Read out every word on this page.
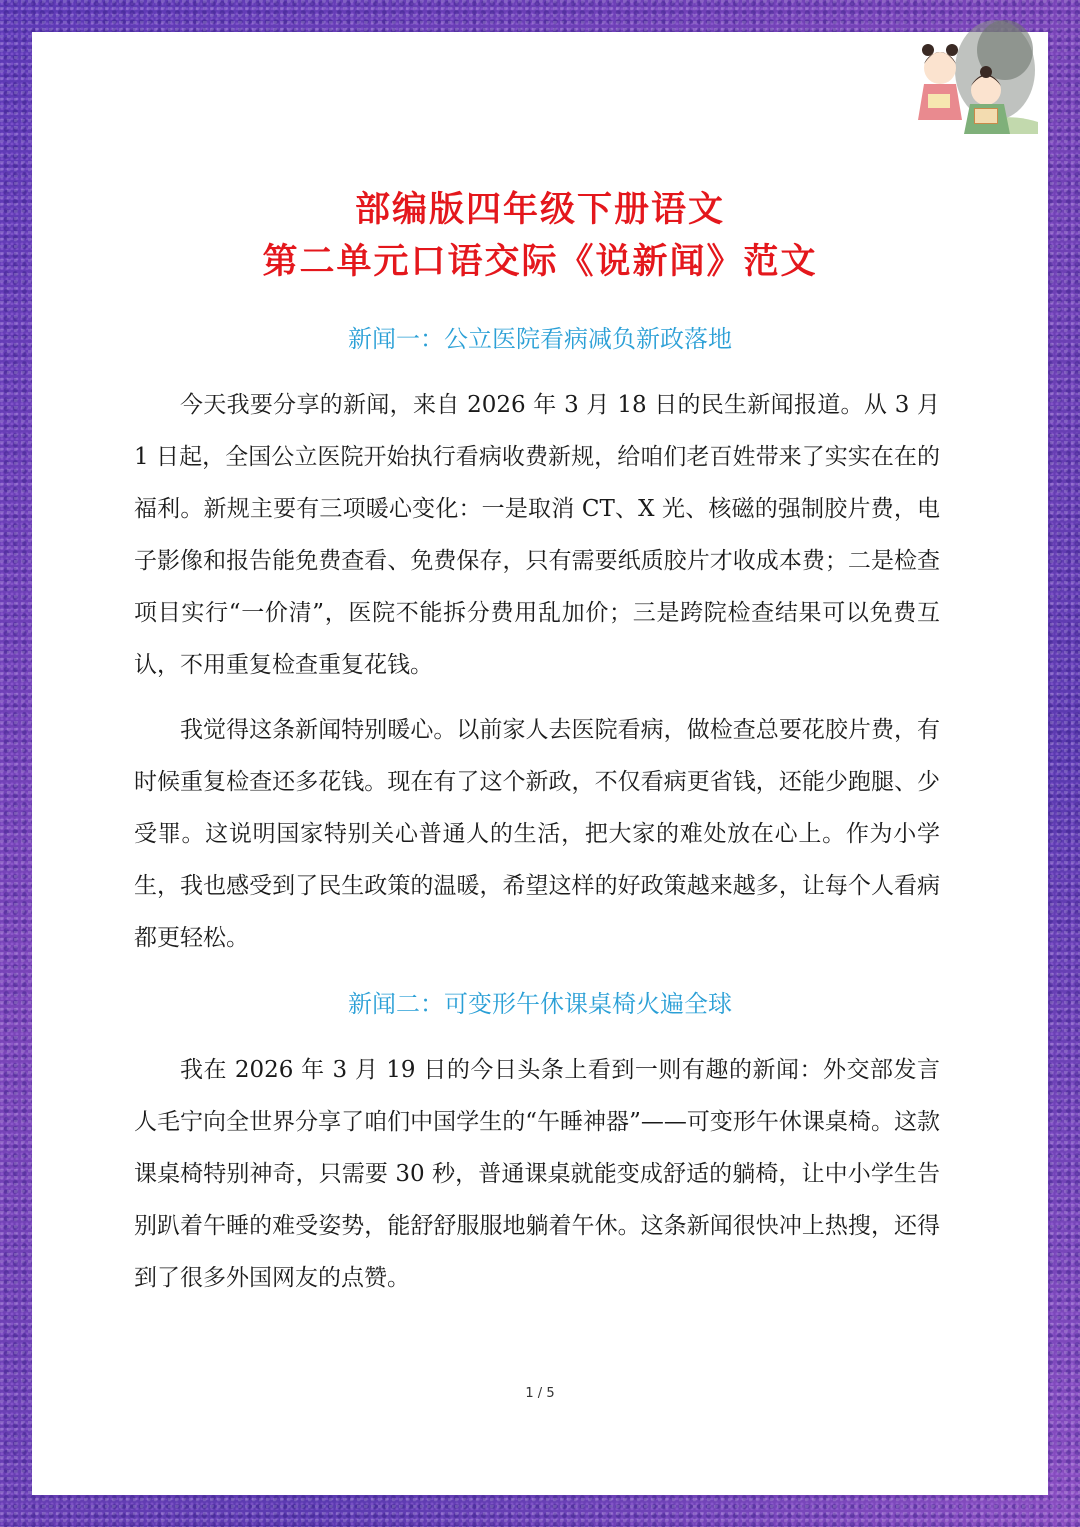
部编版四年级下册语文
第二单元口语交际《说新闻》范文
新闻一：公立医院看病减负新政落地

今天我要分享的新闻，来自 2026 年 3 月 18 日的民生新闻报道。从 3 月 1 日起，全国公立医院开始执行看病收费新规，给咱们老百姓带来了实实在在的福利。新规主要有三项暖心变化：一是取消 CT、X 光、核磁的强制胶片费，电子影像和报告能免费查看、免费保存，只有需要纸质胶片才收成本费；二是检查项目实行“一价清”，医院不能拆分费用乱加价；三是跨院检查结果可以免费互认，不用重复检查重复花钱。

我觉得这条新闻特别暖心。以前家人去医院看病，做检查总要花胶片费，有时候重复检查还多花钱。现在有了这个新政，不仅看病更省钱，还能少跑腿、少受罪。这说明国家特别关心普通人的生活，把大家的难处放在心上。作为小学生，我也感受到了民生政策的温暖，希望这样的好政策越来越多，让每个人看病都更轻松。

新闻二：可变形午休课桌椅火遍全球

我在 2026 年 3 月 19 日的今日头条上看到一则有趣的新闻：外交部发言人毛宁向全世界分享了咱们中国学生的“午睡神器”——可变形午休课桌椅。这款课桌椅特别神奇，只需要 30 秒，普通课桌就能变成舒适的躺椅，让中小学生告别趴着午睡的难受姿势，能舒舒服服地躺着午休。这条新闻很快冲上热搜，还得到了很多外国网友的点赞。

1 / 5
